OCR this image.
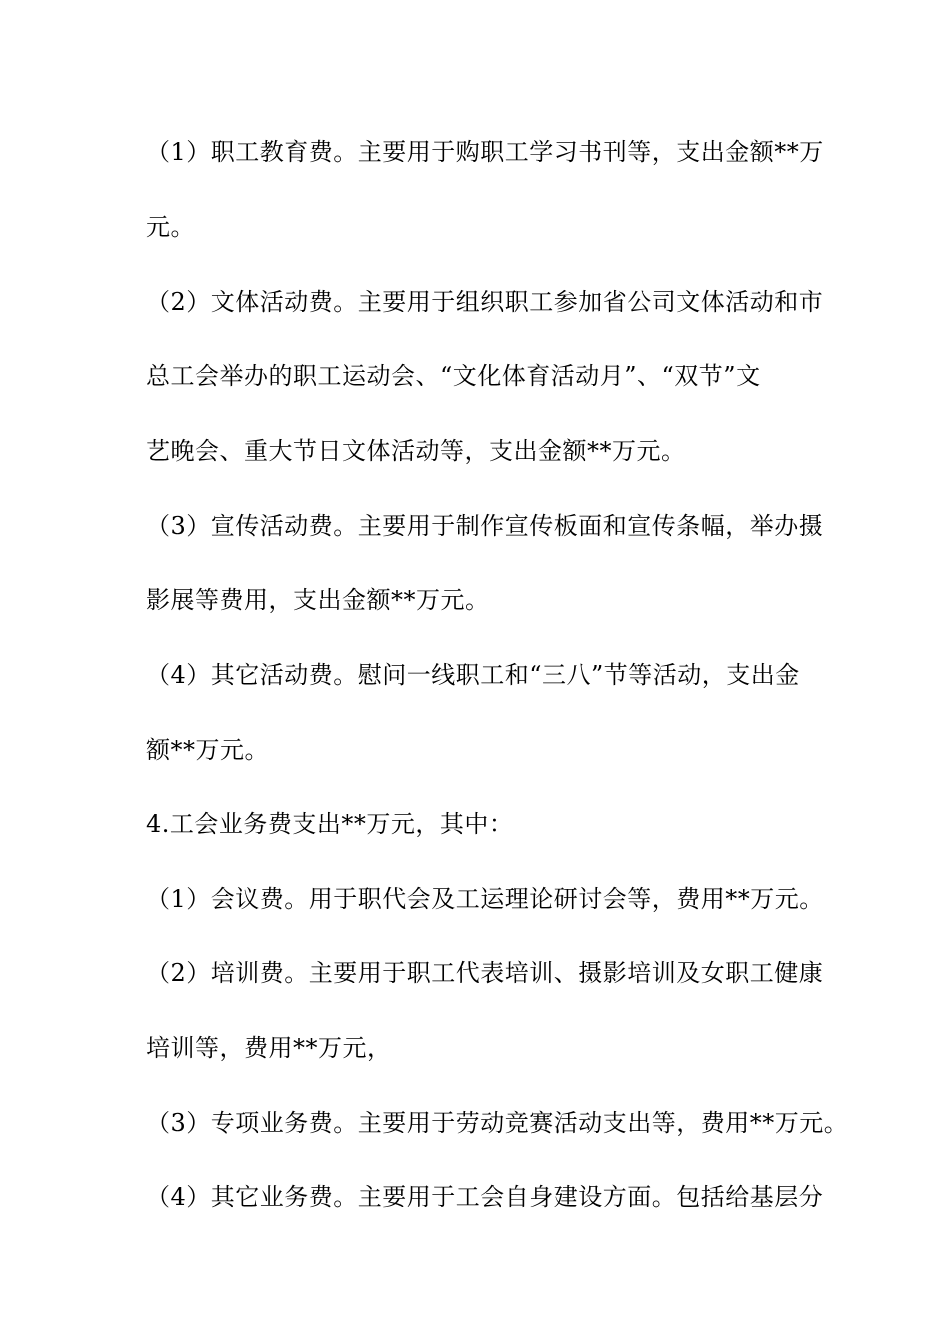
（1）职工教育费。主要用于购职工学习书刊等，支出金额**万
元。
（2）文体活动费。主要用于组织职工参加省公司文体活动和市
总工会举办的职工运动会、“文化体育活动月”、“双节”文
艺晚会、重大节日文体活动等，支出金额**万元。
（3）宣传活动费。主要用于制作宣传板面和宣传条幅，举办摄
影展等费用，支出金额**万元。
（4）其它活动费。慰问一线职工和“三八”节等活动，支出金
额**万元。
4.工会业务费支出**万元，其中：
（1）会议费。用于职代会及工运理论研讨会等，费用**万元。
（2）培训费。主要用于职工代表培训、摄影培训及女职工健康
培训等，费用**万元，
（3）专项业务费。主要用于劳动竞赛活动支出等，费用**万元。
（4）其它业务费。主要用于工会自身建设方面。包括给基层分
